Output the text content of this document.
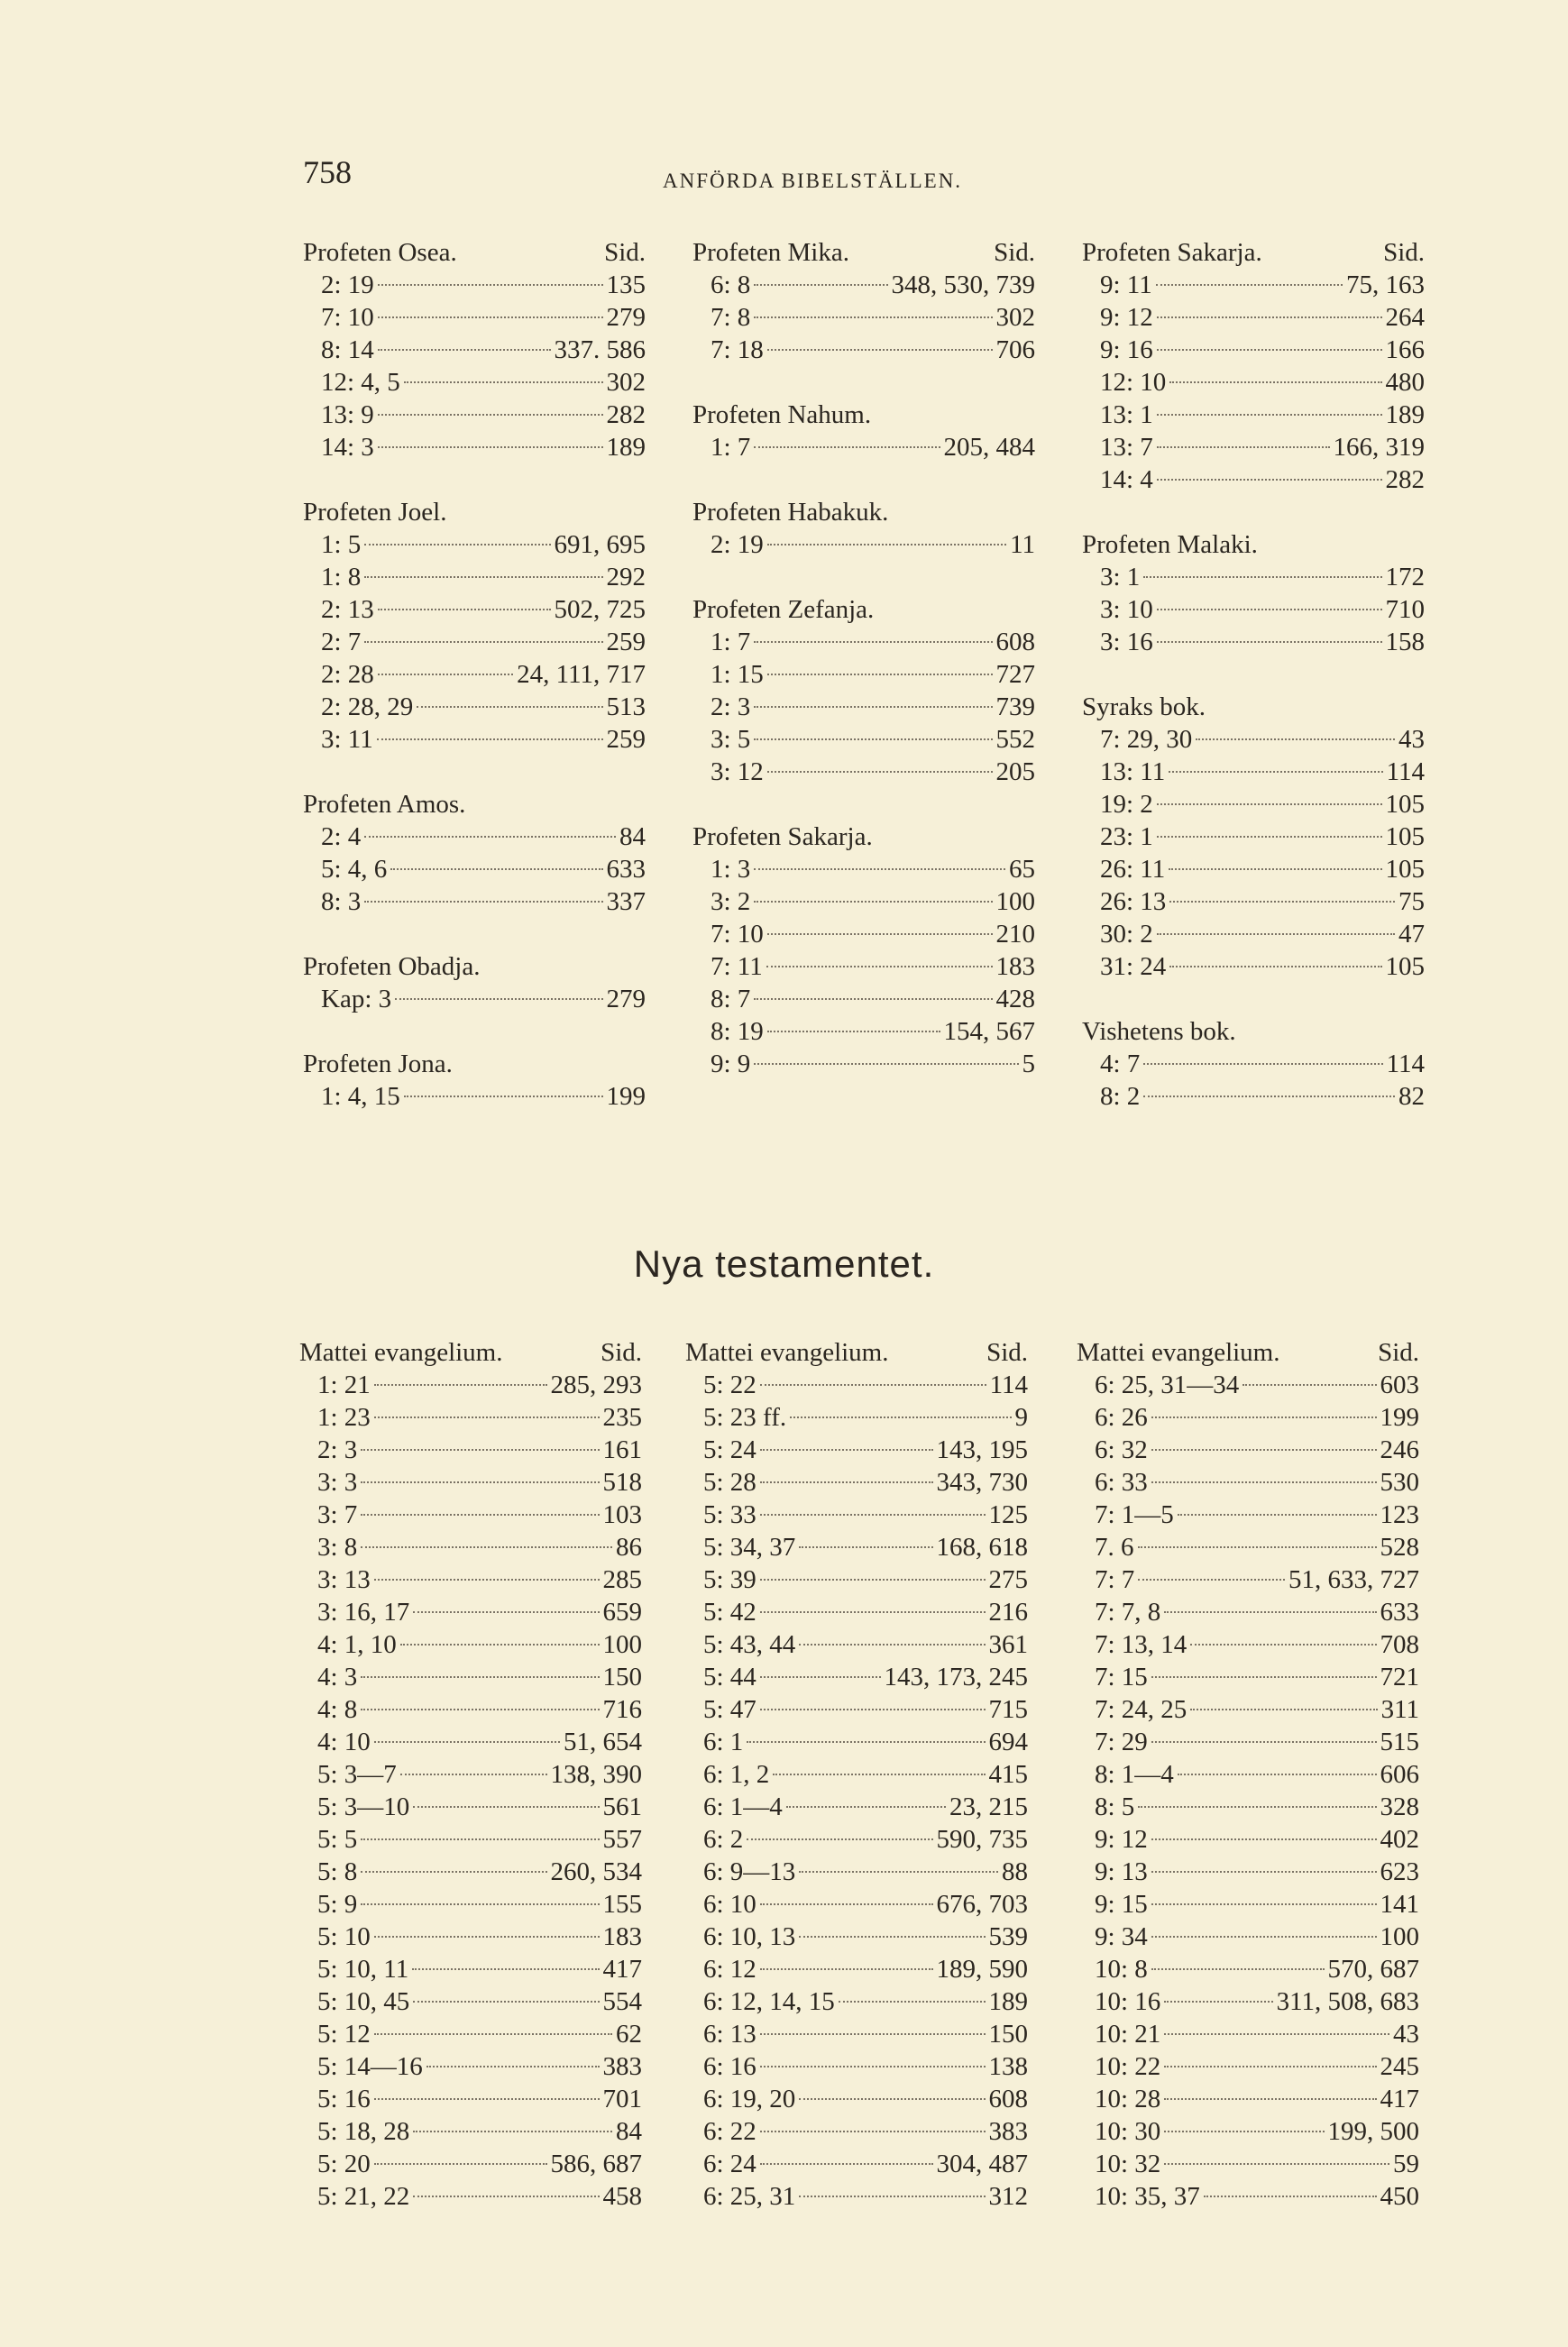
758	ANFÖRDA BIBELSTÄLLEN.
Profeten Osea.	Sid.
2: 19	135
7: 10	279
8: 14	337. 586
12: 4, 5	302
13: 9	282
14: 3	189
Profeten Joel.
1: 5	691, 695
1: 8	292
2: 13	502, 725
2: 7	259
2: 28	24, 111, 717
2: 28, 29	513
3: 11	259
Profeten Amos.
2: 4	84
5: 4, 6	633
8: 3	337
Profeten Obadja.
Kap: 3	279
Profeten Jona.
1: 4, 15	199
Profeten Mika.	Sid.
6: 8	348, 530, 739
7: 8	302
7: 18	706
Profeten Nahum.
1: 7	205, 484
Profeten Habakuk.
2: 19	11
Profeten Zefanja.
1: 7	608
1: 15	727
2: 3	739
3: 5	552
3: 12	205
Profeten Sakarja.
1: 3	65
3: 2	100
7: 10	210
7: 11	183
8: 7	428
8: 19	154, 567
9: 9	5
Profeten Sakarja.	Sid.
9: 11	75, 163
9: 12	264
9: 16	166
12: 10	480
13: 1	189
13: 7	166, 319
14: 4	282
Profeten Malaki.
3: 1	172
3: 10	710
3: 16	158
Syraks bok.
7: 29, 30	43
13: 11	114
19: 2	105
23: 1	105
26: 11	105
26: 13	75
30: 2	47
31: 24	105
Vishetens bok.
4: 7	114
8: 2	82
Nya testamentet.
Mattei evangelium.	Sid.
1: 21	285, 293
1: 23	235
2: 3	161
3: 3	518
3: 7	103
3: 8	86
3: 13	285
3: 16, 17	659
4: 1, 10	100
4: 3	150
4: 8	716
4: 10	51, 654
5: 3—7	138, 390
5: 3—10	561
5: 5	557
5: 8	260, 534
5: 9	155
5: 10	183
5: 10, 11	417
5: 10, 45	554
5: 12	62
5: 14—16	383
5: 16	701
5: 18, 28	84
5: 20	586, 687
5: 21, 22	458
Mattei evangelium.	Sid.
5: 22	114
5: 23 ff.	9
5: 24	143, 195
5: 28	343, 730
5: 33	125
5: 34, 37	168, 618
5: 39	275
5: 42	216
5: 43, 44	361
5: 44	143, 173, 245
5: 47	715
6: 1	694
6: 1, 2	415
6: 1—4	23, 215
6: 2	590, 735
6: 9—13	88
6: 10	676, 703
6: 10, 13	539
6: 12	189, 590
6: 12, 14, 15	189
6: 13	150
6: 16	138
6: 19, 20	608
6: 22	383
6: 24	304, 487
6: 25, 31	312
Mattei evangelium.	Sid.
6: 25, 31—34	603
6: 26	199
6: 32	246
6: 33	530
7: 1—5	123
7. 6	528
7: 7	51, 633, 727
7: 7, 8	633
7: 13, 14	708
7: 15	721
7: 24, 25	311
7: 29	515
8: 1—4	606
8: 5	328
9: 12	402
9: 13	623
9: 15	141
9: 34	100
10: 8	570, 687
10: 16	311, 508, 683
10: 21	43
10: 22	245
10: 28	417
10: 30	199, 500
10: 32	59
10: 35, 37	450
